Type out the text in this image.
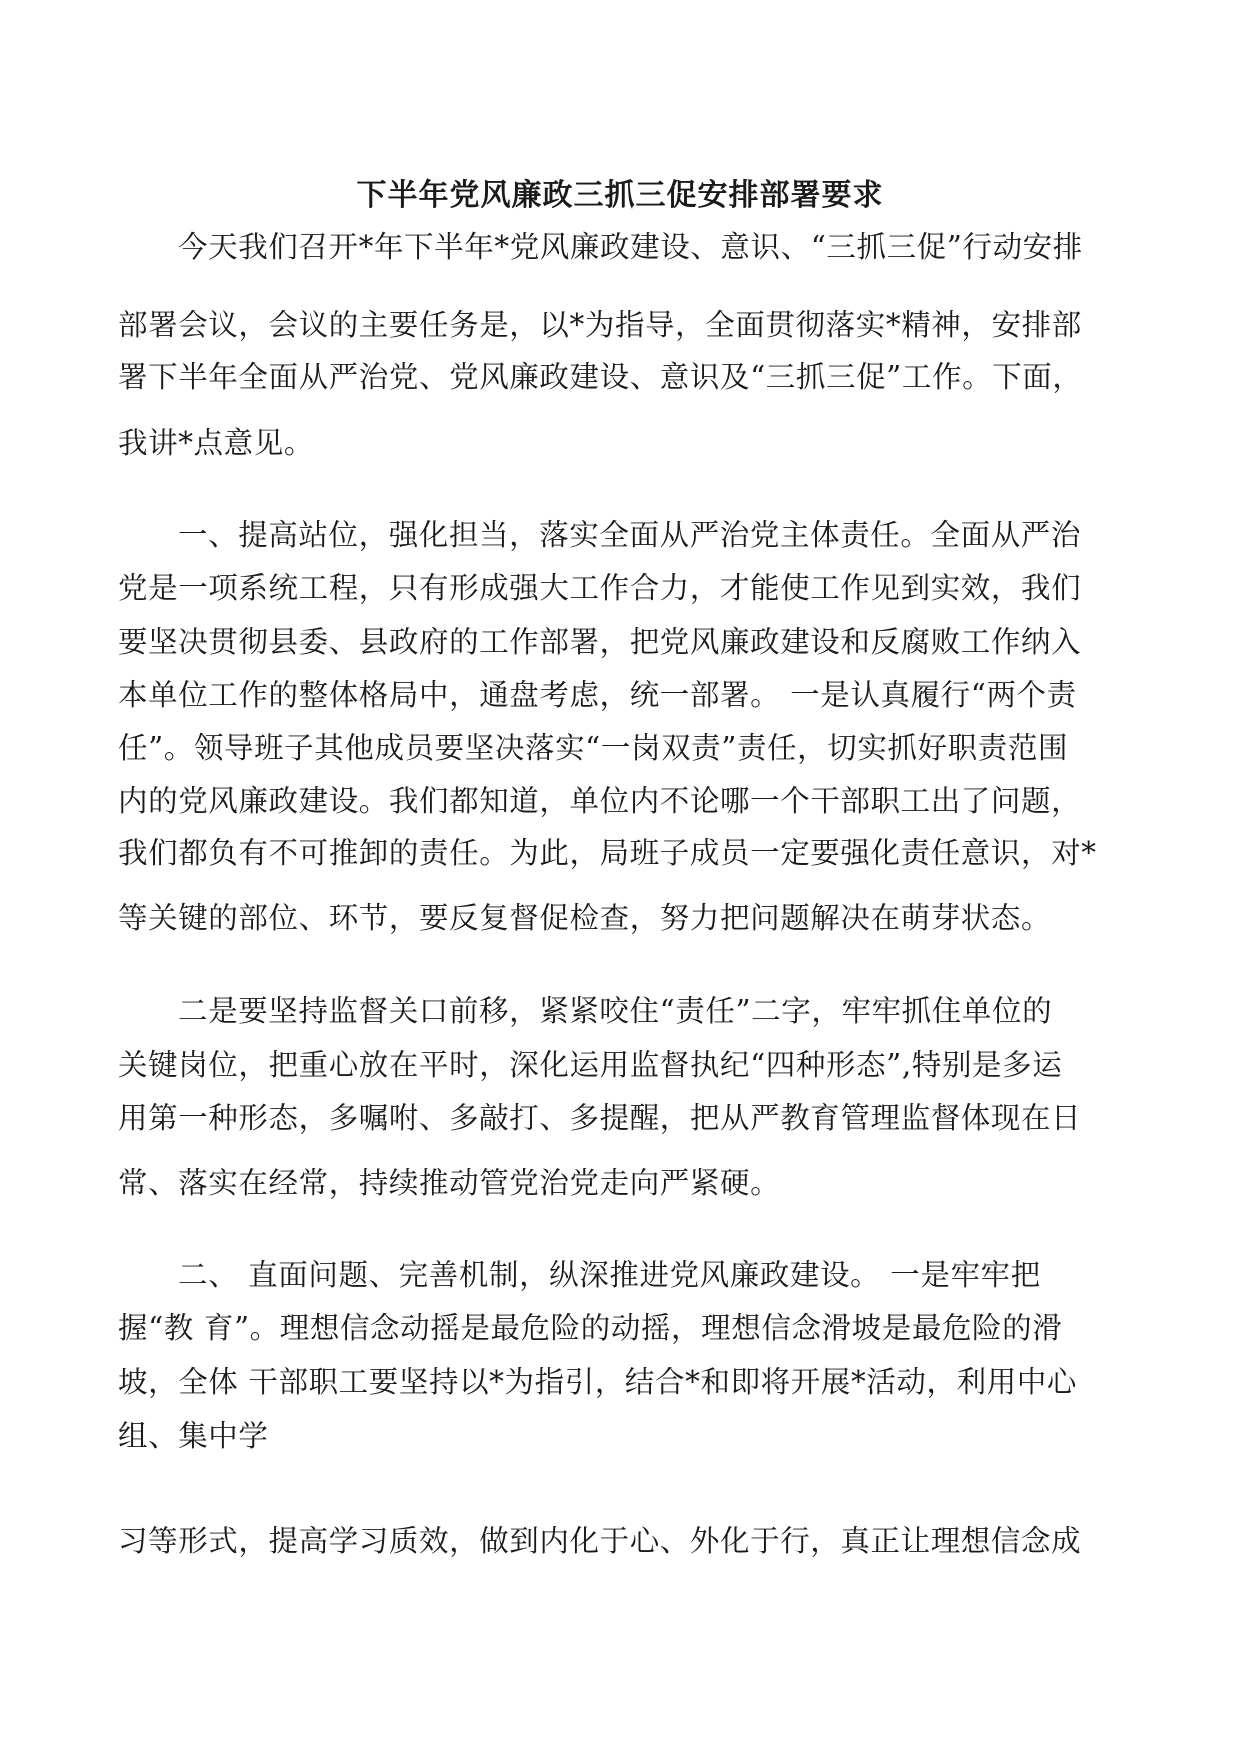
下半年党风廉政三抓三促安排部署要求
今天我们召开*年下半年*党风廉政建设、意识、“三抓三促”行动安排
部署会议，会议的主要任务是，以*为指导，全面贯彻落实*精神，安排部
署下半年全面从严治党、党风廉政建设、意识及“三抓三促”工作。下面，
我讲*点意见。
一、提高站位，强化担当，落实全面从严治党主体责任。全面从严治
党是一项系统工程，只有形成强大工作合力，才能使工作见到实效，我们
要坚决贯彻县委、县政府的工作部署，把党风廉政建设和反腐败工作纳入
本单位工作的整体格局中，通盘考虑，统一部署。 一是认真履行“两个责
任”。领导班子其他成员要坚决落实“一岗双责”责任，切实抓好职责范围
内的党风廉政建设。我们都知道，单位内不论哪一个干部职工出了问题，
我们都负有不可推卸的责任。为此，局班子成员一定要强化责任意识，对*
等关键的部位、环节，要反复督促检查，努力把问题解决在萌芽状态。
二是要坚持监督关口前移，紧紧咬住“责任”二字，牢牢抓住单位的
关键岗位，把重心放在平时，深化运用监督执纪“四种形态”,特别是多运
用第一种形态，多嘱咐、多敲打、多提醒，把从严教育管理监督体现在日
常、落实在经常，持续推动管党治党走向严紧硬。
二、 直面问题、完善机制，纵深推进党风廉政建设。 一是牢牢把
握“教 育”。理想信念动摇是最危险的动摇，理想信念滑坡是最危险的滑
坡，全体 干部职工要坚持以*为指引，结合*和即将开展*活动，利用中心
组、集中学
习等形式，提高学习质效，做到内化于心、外化于行，真正让理想信念成
